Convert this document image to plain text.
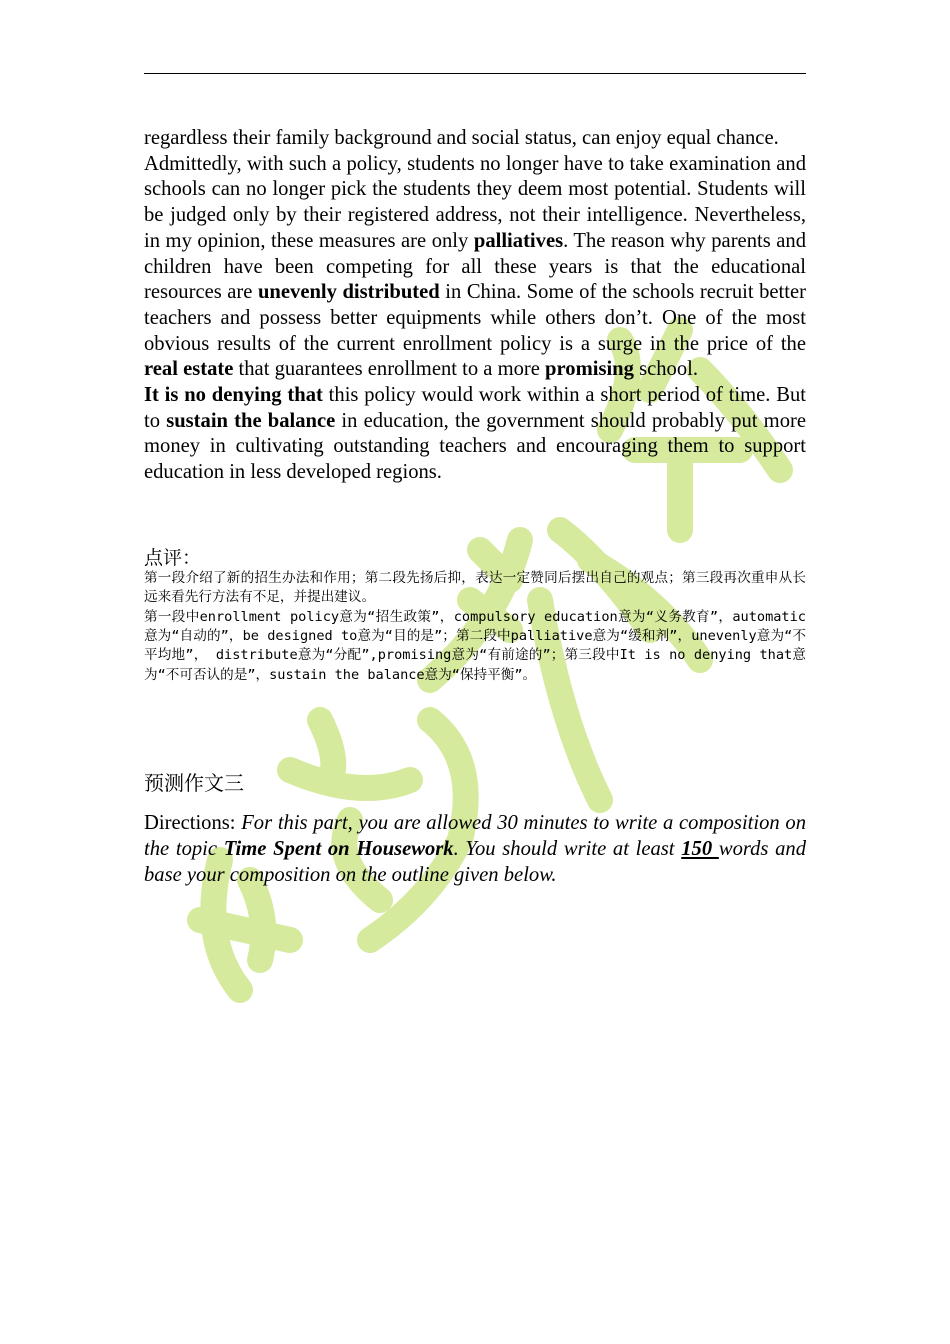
regardless their family background and social status, can enjoy equal chance.

Admittedly, with such a policy, students no longer have to take examination and schools can no longer pick the students they deem most potential. Students will be judged only by their registered address, not their intelligence. Nevertheless, in my opinion, these measures are only palliatives. The reason why parents and children have been competing for all these years is that the educational resources are unevenly distributed in China. Some of the schools recruit better teachers and possess better equipments while others don’t. One of the most obvious results of the current enrollment policy is a surge in the price of the real estate that guarantees enrollment to a more promising school.

It is no denying that this policy would work within a short period of time. But to sustain the balance in education, the government should probably put more money in cultivating outstanding teachers and encouraging them to support education in less developed regions.

点评：

第一段介绍了新的招生办法和作用；第二段先扬后抑，表达一定赞同后摆出自己的观点；第三段再次重申从长远来看先行方法有不足，并提出建议。

第一段中enrollment policy意为“招生政策”，compulsory education意为“义务教育”，automatic意为“自动的”，be designed to意为“目的是”；第二段中palliative意为“缓和剂”，unevenly意为“不平均地”， distribute意为“分配”,promising意为“有前途的”；第三段中It is no denying that意为“不可否认的是”，sustain the balance意为“保持平衡”。

预测作文三

Directions: For this part, you are allowed 30 minutes to write a composition on the topic Time Spent on Housework. You should write at least 150 words and base your composition on the outline given below.
